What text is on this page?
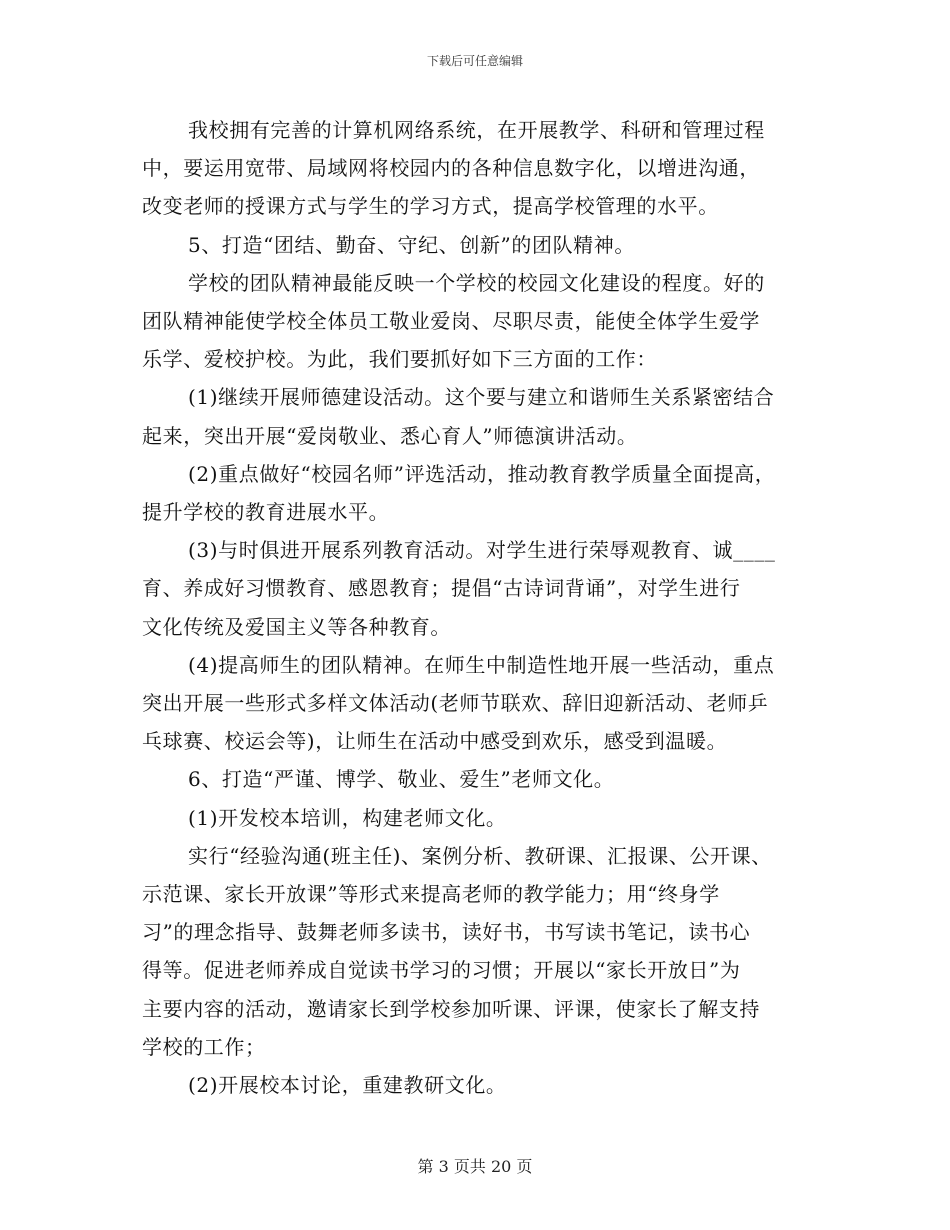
下载后可任意编辑

我校拥有完善的计算机网络系统，在开展教学、科研和管理过程

中，要运用宽带、局域网将校园内的各种信息数字化，以增进沟通，

改变老师的授课方式与学生的学习方式，提高学校管理的水平。

5、打造“团结、勤奋、守纪、创新”的团队精神。

学校的团队精神最能反映一个学校的校园文化建设的程度。好的

团队精神能使学校全体员工敬业爱岗、尽职尽责，能使全体学生爱学

乐学、爱校护校。为此，我们要抓好如下三方面的工作：

(1)继续开展师德建设活动。这个要与建立和谐师生关系紧密结合

起来，突出开展“爱岗敬业、悉心育人”师德演讲活动。

(2)重点做好“校园名师”评选活动，推动教育教学质量全面提高，

提升学校的教育进展水平。

(3)与时俱进开展系列教育活动。对学生进行荣辱观教育、诚____

育、养成好习惯教育、感恩教育；提倡“古诗词背诵”，对学生进行

文化传统及爱国主义等各种教育。

(4)提高师生的团队精神。在师生中制造性地开展一些活动，重点

突出开展一些形式多样文体活动(老师节联欢、辞旧迎新活动、老师乒

乓球赛、校运会等)，让师生在活动中感受到欢乐，感受到温暖。

6、打造“严谨、博学、敬业、爱生”老师文化。

(1)开发校本培训，构建老师文化。

实行“经验沟通(班主任)、案例分析、教研课、汇报课、公开课、

示范课、家长开放课”等形式来提高老师的教学能力；用“终身学

习”的理念指导、鼓舞老师多读书，读好书，书写读书笔记，读书心

得等。促进老师养成自觉读书学习的习惯；开展以“家长开放日”为

主要内容的活动，邀请家长到学校参加听课、评课，使家长了解支持

学校的工作；

(2)开展校本讨论，重建教研文化。

第 3 页共 20 页
